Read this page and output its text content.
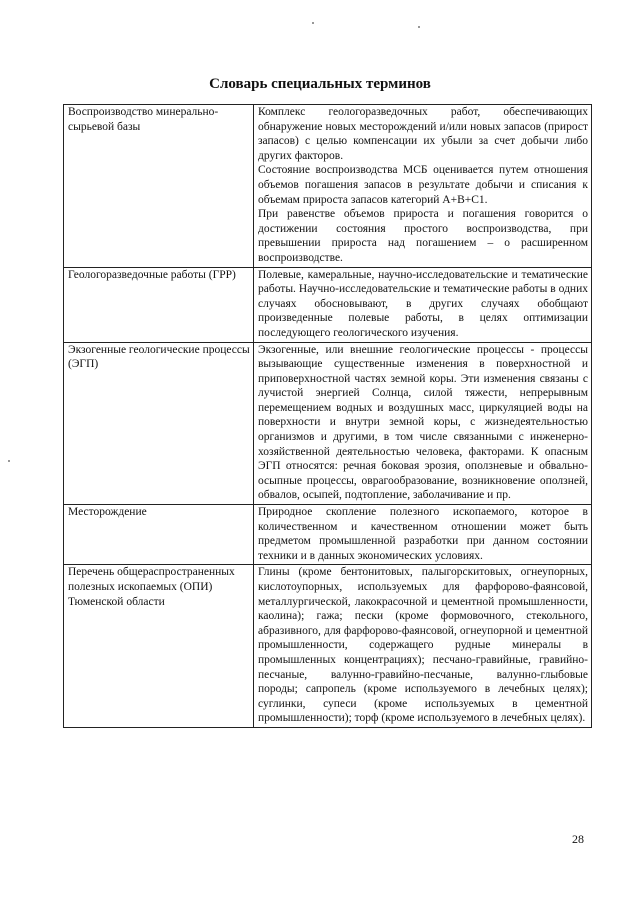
Словарь специальных терминов
Воспроизводство минерально-сырьевой базы	Комплекс геологоразведочных работ, обеспечивающих обнаружение новых месторождений и/или новых запасов (прирост запасов) с целью компенсации их убыли за счет добычи либо других факторов.

Состояние воспроизводства МСБ оценивается путем отношения объемов погашения запасов в результате добычи и списания к объемам прироста запасов категорий А+В+С1.

При равенстве объемов прироста и погашения говорится о достижении состояния простого воспроизводства, при превышении прироста над погашением – о расширенном воспроизводстве.

Геологоразведочные работы (ГРР)	Полевые, камеральные, научно-исследовательские и тематические работы. Научно-исследовательские и тематические работы в одних случаях обосновывают, в других случаях обобщают произведенные полевые работы, в целях оптимизации последующего геологического изучения.

Экзогенные геологические процессы (ЭГП)	Экзогенные, или внешние геологические процессы - процессы вызывающие существенные изменения в поверхностной и приповерхностной частях земной коры. Эти изменения связаны с лучистой энергией Солнца, силой тяжести, непрерывным перемещением водных и воздушных масс, циркуляцией воды на поверхности и внутри земной коры, с жизнедеятельностью организмов и другими, в том числе связанными с инженерно-хозяйственной деятельностью человека, факторами. К опасным ЭГП относятся: речная боковая эрозия, оползневые и обвально-осыпные процессы, оврагообразование, возникновение оползней, обвалов, осыпей, подтопление, заболачивание и пр.

Месторождение	Природное скопление полезного ископаемого, которое в количественном и качественном отношении может быть предметом промышленной разработки при данном состоянии техники и в данных экономических условиях.

Перечень общераспространенных полезных ископаемых (ОПИ) Тюменской области	Глины (кроме бентонитовых, палыгорскитовых, огнеупорных, кислотоупорных, используемых для фарфорово-фаянсовой, металлургической, лакокрасочной и цементной промышленности, каолина); гажа; пески (кроме формовочного, стекольного, абразивного, для фарфорово-фаянсовой, огнеупорной и цементной промышленности, содержащего рудные минералы в промышленных концентрациях); песчано-гравийные, гравийно-песчаные, валунно-гравийно-песчаные, валунно-глыбовые породы; сапропель (кроме используемого в лечебных целях); суглинки, супеси (кроме используемых в цементной промышленности); торф (кроме используемого в лечебных целях).

28
